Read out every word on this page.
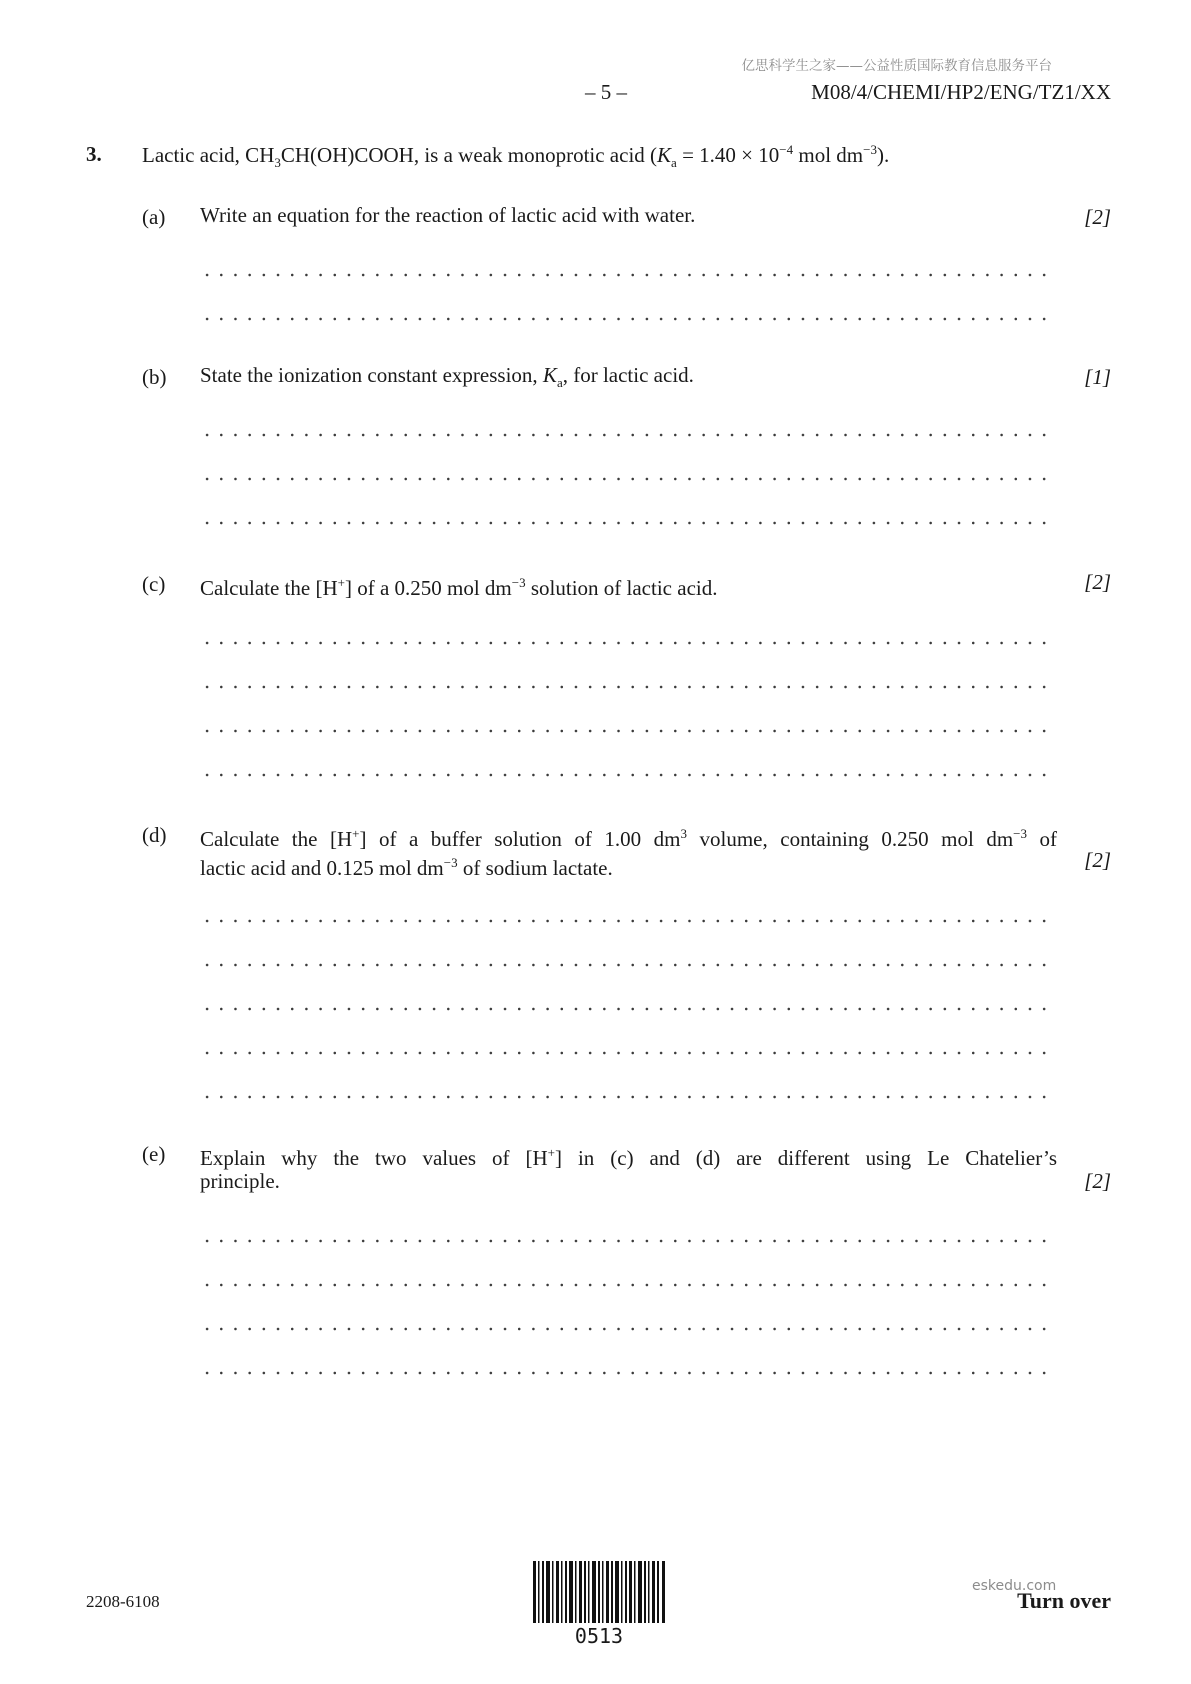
亿思科学生之家——公益性质国际教育信息服务平台
– 5 –	M08/4/CHEMI/HP2/ENG/TZ1/XX
3. Lactic acid, $CH_3CH(OH)COOH$, is a weak monoprotic acid ($K_a = 1.40 \times 10^{-4}$ mol $dm^{-3}$).
(a) Write an equation for the reaction of lactic acid with water.	[2]
(b) State the ionization constant expression, $K_a$, for lactic acid.	[1]
(c) Calculate the [H+] of a 0.250 mol $dm^{-3}$ solution of lactic acid.	[2]
(d) Calculate the [H+] of a buffer solution of 1.00 $dm^3$ volume, containing 0.250 mol $dm^{-3}$ of
lactic acid and 0.125 mol $dm^{-3}$ of sodium lactate.	[2]
(e) Explain why the two values of [H+] in (c) and (d) are different using Le Chatelier’s
principle.	[2]
2208-6108
0513
eskedu.com
Turn over
